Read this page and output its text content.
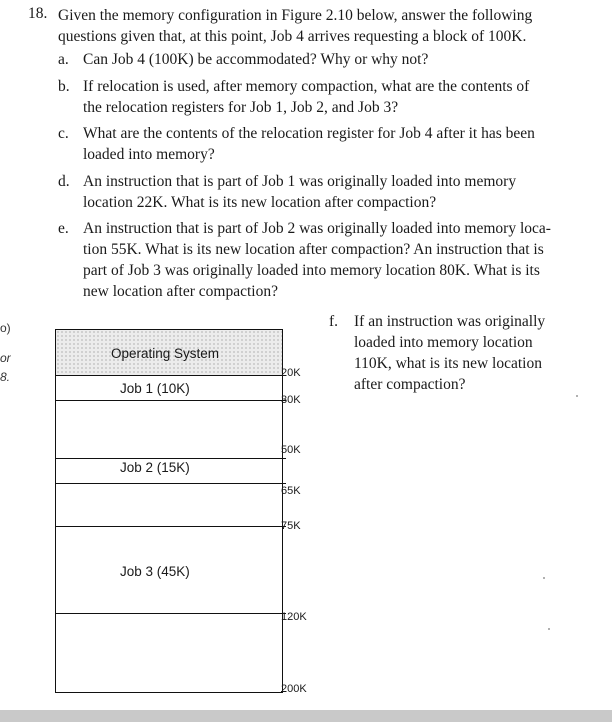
o)
or
8.
18. Given the memory configuration in Figure 2.10 below, answer the following
questions given that, at this point, Job 4 arrives requesting a block of 100K.
a. Can Job 4 (100K) be accommodated? Why or why not?
b. If relocation is used, after memory compaction, what are the contents of
the relocation registers for Job 1, Job 2, and Job 3?
c. What are the contents of the relocation register for Job 4 after it has been
loaded into memory?
d. An instruction that is part of Job 1 was originally loaded into memory
location 22K. What is its new location after compaction?
e. An instruction that is part of Job 2 was originally loaded into memory loca-
tion 55K. What is its new location after compaction? An instruction that is
part of Job 3 was originally loaded into memory location 80K. What is its
new location after compaction?
f. If an instruction was originally
loaded into memory location
110K, what is its new location
after compaction?
Operating System
Job 1 (10K)
Job 2 (15K)
Job 3 (45K)
20K
30K
50K
65K
75K
120K
200K
